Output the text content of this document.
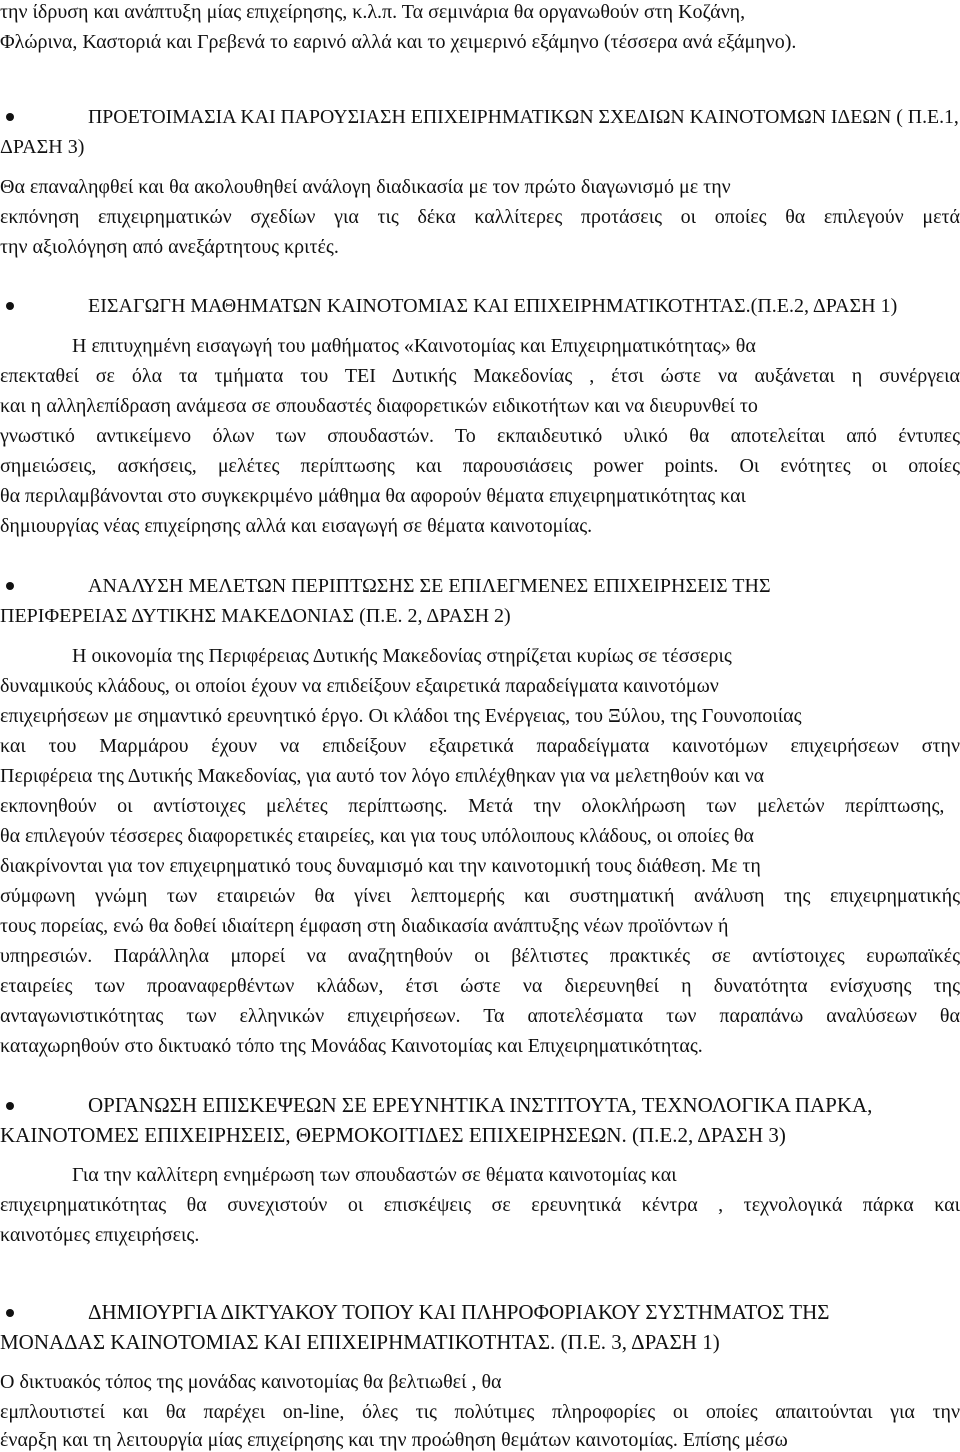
την ίδρυση και ανάπτυξη μίας επιχείρησης, κ.λ.π. Τα σεμινάρια θα οργανωθούν στη Κοζάνη,
Φλώρινα, Καστοριά και Γρεβενά το εαρινό αλλά και το χειμερινό εξάμηνο (τέσσερα ανά εξάμηνο).
ΠΡΟΕΤΟΙΜΑΣΙΑ ΚΑΙ ΠΑΡΟΥΣΙΑΣΗ ΕΠΙΧΕΙΡΗΜΑΤΙΚΩΝ ΣΧΕΔΙΩΝ ΚΑΙΝΟΤΟΜΩΝ ΙΔΕΩΝ ( Π.Ε.1,
ΔΡΑΣΗ 3)
Θα επαναληφθεί και θα ακολουθηθεί ανάλογη διαδικασία με τον πρώτο διαγωνισμό με την
εκπόνηση επιχειρηματικών σχεδίων για τις δέκα καλλίτερες προτάσεις οι οποίες θα επιλεγούν μετά
την αξιολόγηση από ανεξάρτητους κριτές.
ΕΙΣΑΓΩΓΗ ΜΑΘΗΜΑΤΩΝ ΚΑΙΝΟΤΟΜΙΑΣ ΚΑΙ ΕΠΙΧΕΙΡΗΜΑΤΙΚΟΤΗΤΑΣ.(Π.Ε.2, ΔΡΑΣΗ 1)
Η επιτυχημένη εισαγωγή του μαθήματος «Καινοτομίας και Επιχειρηματικότητας» θα
επεκταθεί σε όλα τα τμήματα του ΤΕΙ Δυτικής Μακεδονίας , έτσι ώστε να αυξάνεται η συνέργεια
και η αλληλεπίδραση ανάμεσα σε σπουδαστές διαφορετικών ειδικοτήτων και να διευρυνθεί το
γνωστικό αντικείμενο όλων των σπουδαστών. Το εκπαιδευτικό υλικό θα αποτελείται από έντυπες
σημειώσεις, ασκήσεις, μελέτες περίπτωσης και παρουσιάσεις power points. Οι ενότητες οι οποίες
θα περιλαμβάνονται στο συγκεκριμένο μάθημα θα αφορούν θέματα επιχειρηματικότητας και
δημιουργίας νέας επιχείρησης αλλά και εισαγωγή σε θέματα καινοτομίας.
ΑΝΑΛΥΣΗ ΜΕΛΕΤΩΝ ΠΕΡΙΠΤΩΣΗΣ ΣΕ ΕΠΙΛΕΓΜΕΝΕΣ ΕΠΙΧΕΙΡΗΣΕΙΣ ΤΗΣ
ΠΕΡΙΦΕΡΕΙΑΣ ΔΥΤΙΚΗΣ ΜΑΚΕΔΟΝΙΑΣ (Π.Ε. 2, ΔΡΑΣΗ 2)
Η οικονομία της Περιφέρειας Δυτικής Μακεδονίας στηρίζεται κυρίως σε τέσσερις
δυναμικούς κλάδους, οι οποίοι έχουν να επιδείξουν εξαιρετικά παραδείγματα καινοτόμων
επιχειρήσεων με σημαντικό ερευνητικό έργο. Οι κλάδοι της Ενέργειας, του Ξύλου, της Γουνοποιίας
και του Μαρμάρου έχουν να επιδείξουν εξαιρετικά παραδείγματα καινοτόμων επιχειρήσεων στην
Περιφέρεια της Δυτικής Μακεδονίας, για αυτό τον λόγο επιλέχθηκαν για να μελετηθούν και να
εκπονηθούν οι αντίστοιχες μελέτες περίπτωσης. Μετά την ολοκλήρωση των μελετών περίπτωσης,
θα επιλεγούν τέσσερες διαφορετικές εταιρείες, και για τους υπόλοιπους κλάδους, οι οποίες θα
διακρίνονται για τον επιχειρηματικό τους δυναμισμό και την καινοτομική τους διάθεση. Με τη
σύμφωνη γνώμη των εταιρειών θα γίνει λεπτομερής και συστηματική ανάλυση της επιχειρηματικής
τους πορείας, ενώ θα δοθεί ιδιαίτερη έμφαση στη διαδικασία ανάπτυξης νέων προϊόντων ή
υπηρεσιών. Παράλληλα μπορεί να αναζητηθούν οι βέλτιστες πρακτικές σε αντίστοιχες ευρωπαϊκές
εταιρείες των προαναφερθέντων κλάδων, έτσι ώστε να διερευνηθεί η δυνατότητα ενίσχυσης της
ανταγωνιστικότητας των ελληνικών επιχειρήσεων. Τα αποτελέσματα των παραπάνω αναλύσεων θα
καταχωρηθούν στο δικτυακό τόπο της Μονάδας Καινοτομίας και Επιχειρηματικότητας.
ΟΡΓΑΝΩΣΗ ΕΠΙΣΚΕΨΕΩΝ ΣΕ ΕΡΕΥΝΗΤΙΚΑ ΙΝΣΤΙΤΟΥΤΑ, ΤΕΧΝΟΛΟΓΙΚΑ ΠΑΡΚΑ,
ΚΑΙΝΟΤΟΜΕΣ ΕΠΙΧΕΙΡΗΣΕΙΣ, ΘΕΡΜΟΚΟΙΤΙΔΕΣ ΕΠΙΧΕΙΡΗΣΕΩΝ. (Π.Ε.2, ΔΡΑΣΗ 3)
Για την καλλίτερη ενημέρωση των σπουδαστών σε θέματα καινοτομίας και
επιχειρηματικότητας θα συνεχιστούν οι επισκέψεις σε ερευνητικά κέντρα , τεχνολογικά πάρκα και
καινοτόμες επιχειρήσεις.
ΔΗΜΙΟΥΡΓΙΑ ΔΙΚΤΥΑΚΟΥ ΤΟΠΟΥ ΚΑΙ ΠΛΗΡΟΦΟΡΙΑΚΟΥ ΣΥΣΤΗΜΑΤΟΣ ΤΗΣ
ΜΟΝΑΔΑΣ ΚΑΙΝΟΤΟΜΙΑΣ ΚΑΙ ΕΠΙΧΕΙΡΗΜΑΤΙΚΟΤΗΤΑΣ. (Π.Ε. 3, ΔΡΑΣΗ 1)
Ο δικτυακός τόπος της μονάδας καινοτομίας θα βελτιωθεί , θα
εμπλουτιστεί και θα παρέχει on-line, όλες τις πολύτιμες πληροφορίες οι οποίες απαιτούνται για την
έναρξη και τη λειτουργία μίας επιχείρησης και την προώθηση θεμάτων καινοτομίας. Επίσης μέσω
